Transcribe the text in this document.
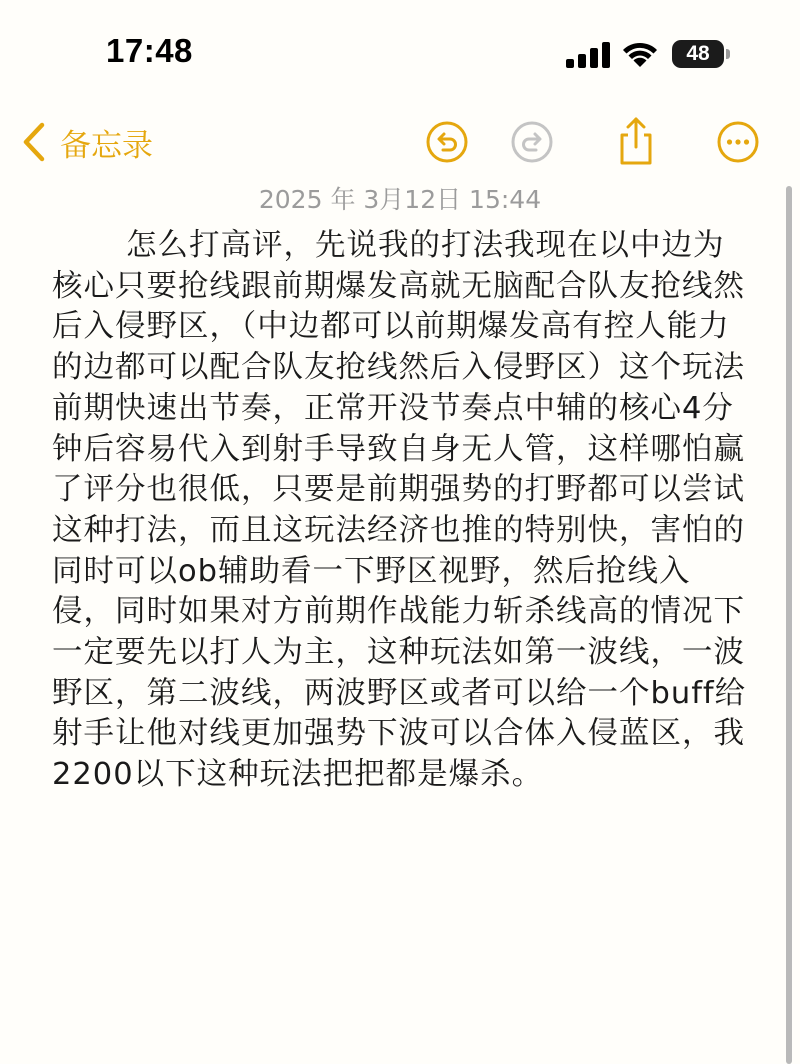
17:48	48
备忘录
2025 年 3月12日 15:44
怎么打高评，先说我的打法我现在以中边为核心只要抢线跟前期爆发高就无脑配合队友抢线然后入侵野区，（中边都可以前期爆发高有控人能力的边都可以配合队友抢线然后入侵野区）这个玩法前期快速出节奏，正常开没节奏点中辅的核心4分钟后容易代入到射手导致自身无人管，这样哪怕赢了评分也很低，只要是前期强势的打野都可以尝试这种打法，而且这玩法经济也推的特别快，害怕的同时可以ob辅助看一下野区视野，然后抢线入侵，同时如果对方前期作战能力斩杀线高的情况下一定要先以打人为主，这种玩法如第一波线，一波野区，第二波线，两波野区或者可以给一个buff给射手让他对线更加强势下波可以合体入侵蓝区，我2200以下这种玩法把把都是爆杀。
